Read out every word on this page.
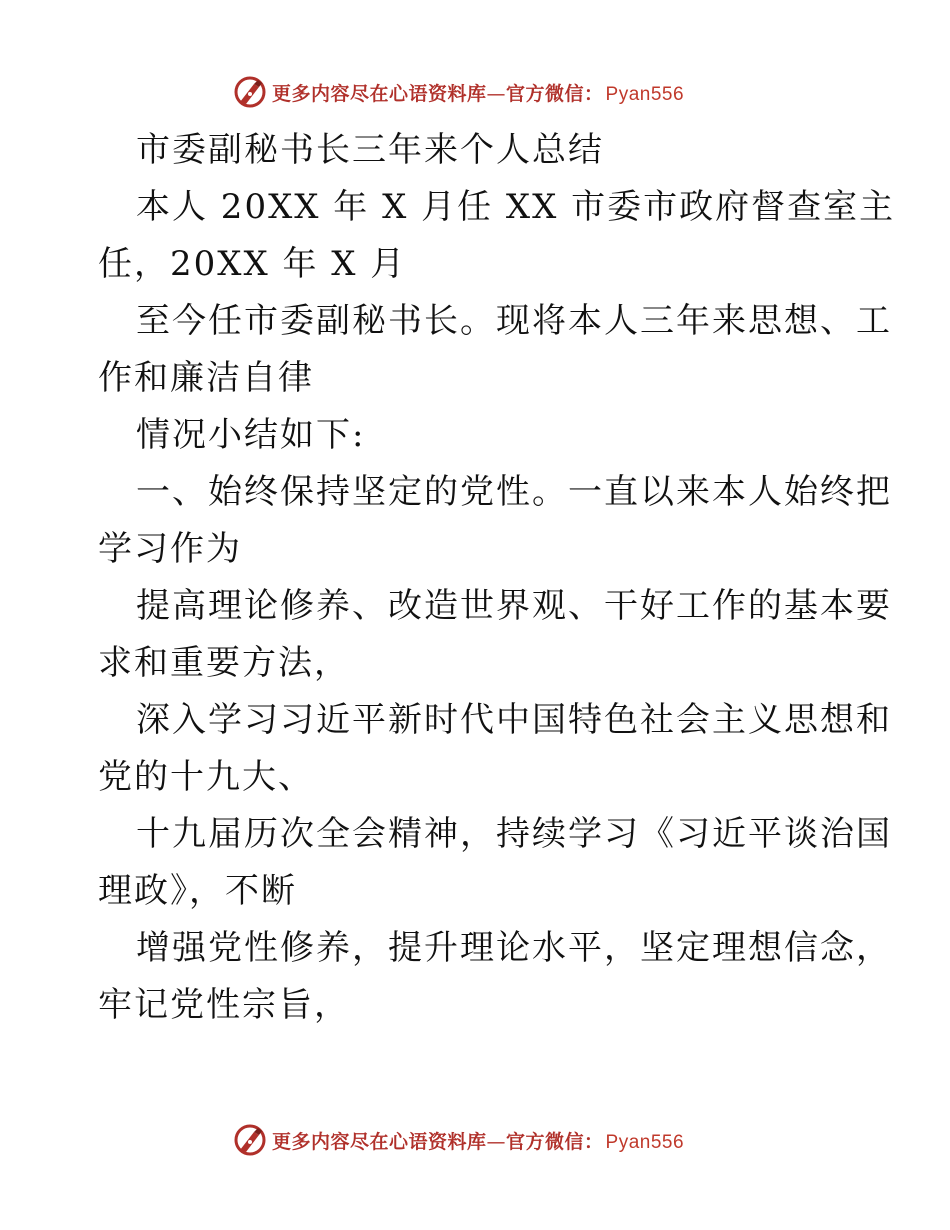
更多内容尽在心语资料库—官方微信： Pyan556
市委副秘书长三年来个人总结
本人 20XX 年 X 月任 XX 市委市政府督查室主
任，20XX 年 X 月
至今任市委副秘书长。现将本人三年来思想、工
作和廉洁自律
情况小结如下:
一、始终保持坚定的党性。一直以来本人始终把
学习作为
提高理论修养、改造世界观、干好工作的基本要
求和重要方法，
深入学习习近平新时代中国特色社会主义思想和
党的十九大、
十九届历次全会精神，持续学习《习近平谈治国
理政》，不断
增强党性修养，提升理论水平，坚定理想信念，
牢记党性宗旨，
更多内容尽在心语资料库—官方微信： Pyan556
